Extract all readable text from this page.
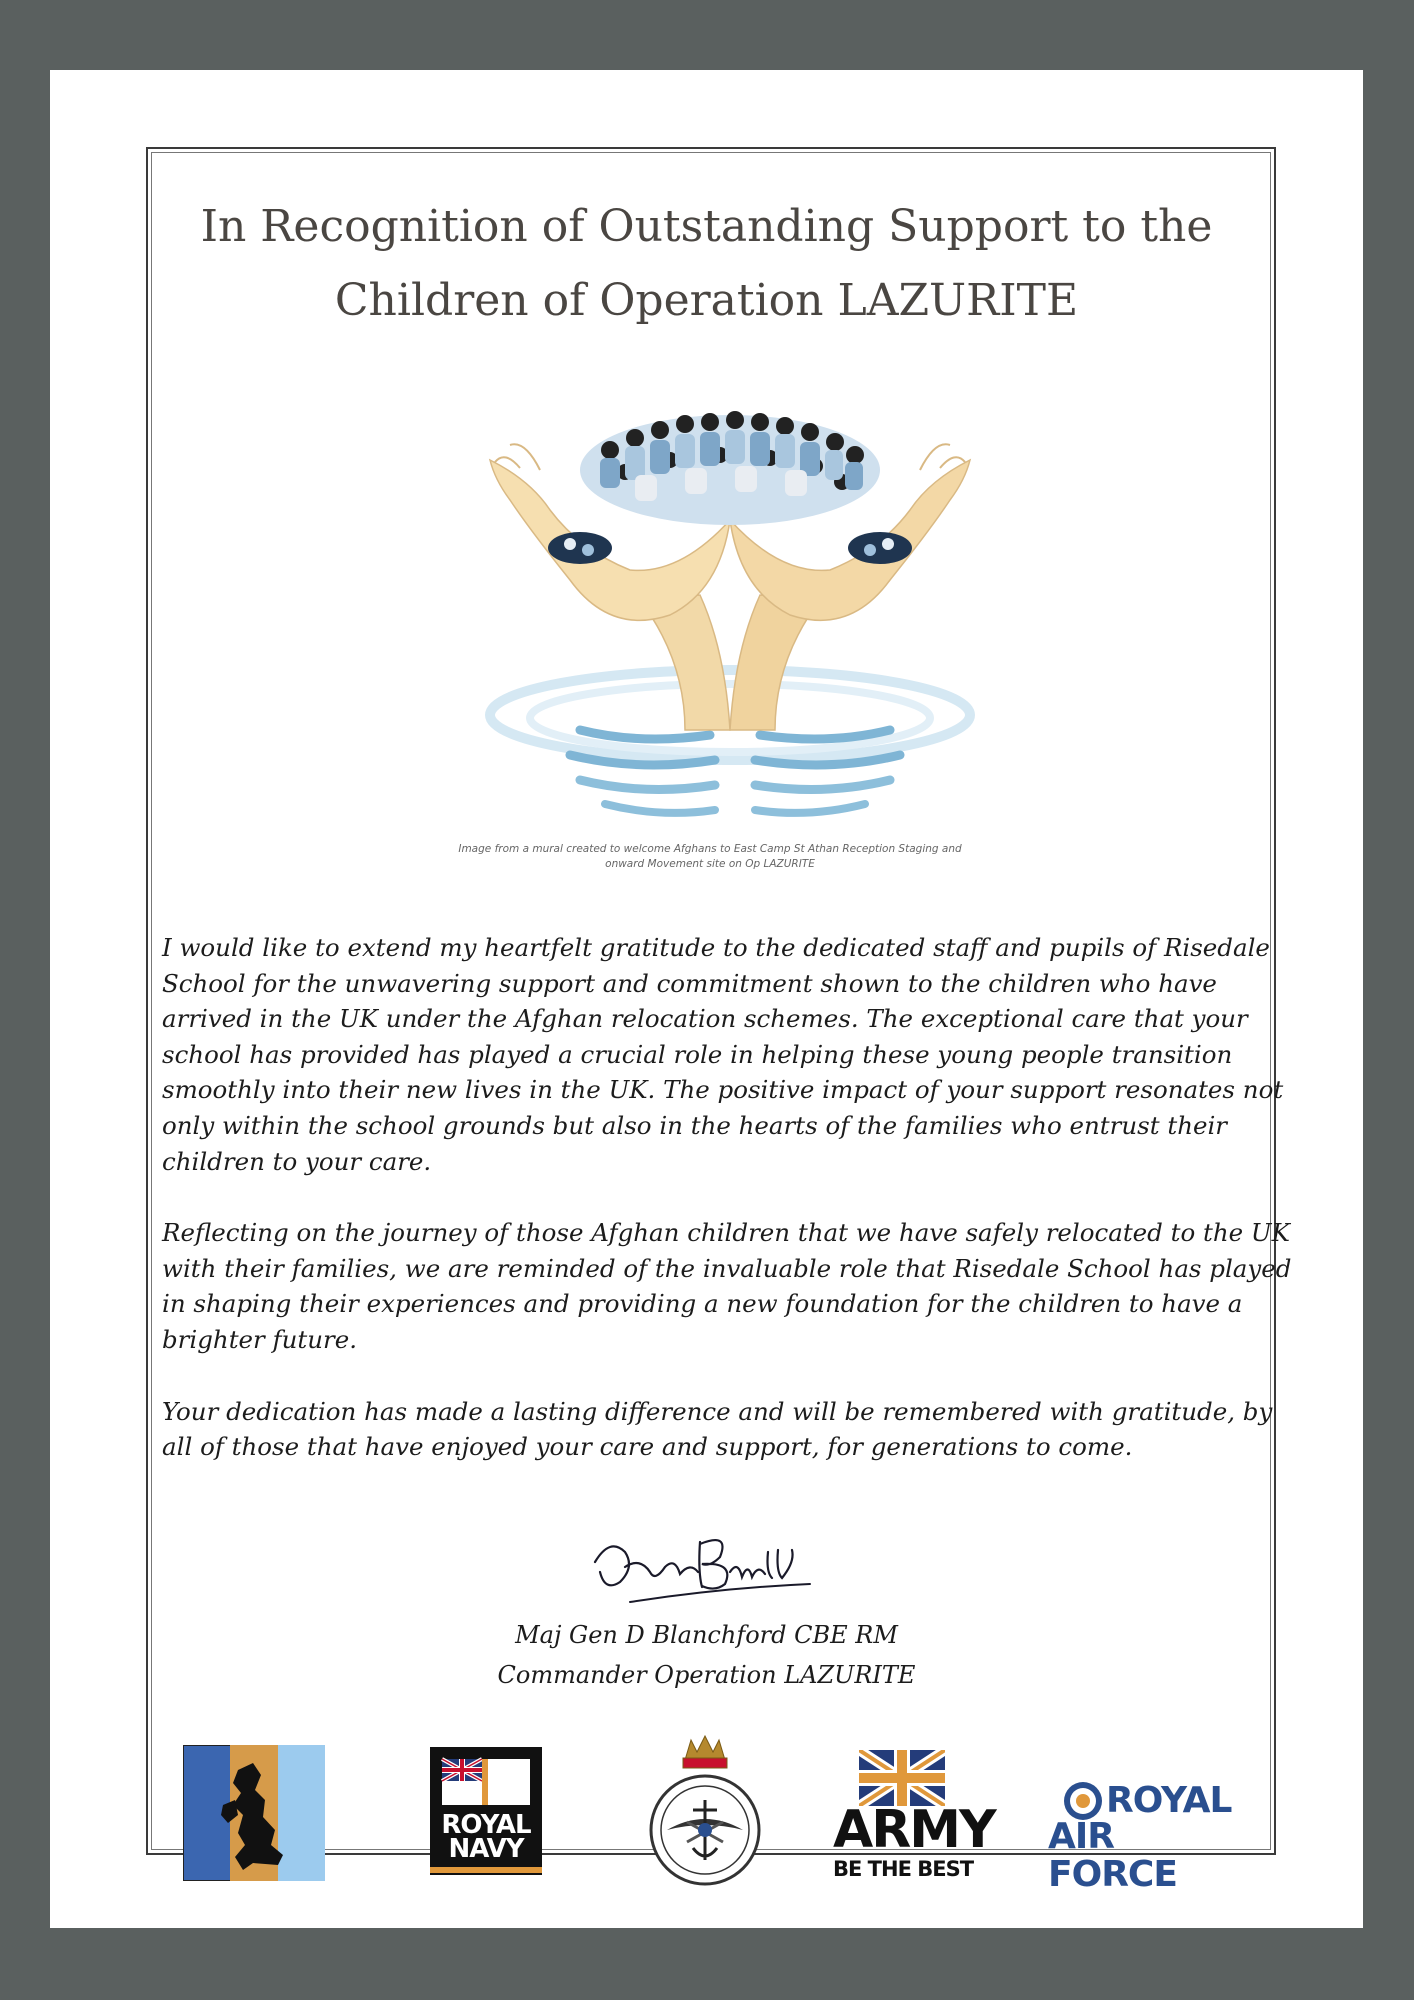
In Recognition of Outstanding Support to the
Children of Operation LAZURITE
Image from a mural created to welcome Afghans to East Camp St Athan Reception Staging and
onward Movement site on Op LAZURITE

I would like to extend my heartfelt gratitude to the dedicated staff and pupils of Risedale School for the unwavering support and commitment shown to the children who have arrived in the UK under the Afghan relocation schemes. The exceptional care that your school has provided has played a crucial role in helping these young people transition smoothly into their new lives in the UK. The positive impact of your support resonates not only within the school grounds but also in the hearts of the families who entrust their children to your care.

Reflecting on the journey of those Afghan children that we have safely relocated to the UK with their families, we are reminded of the invaluable role that Risedale School has played in shaping their experiences and providing a new foundation for the children to have a brighter future.

Your dedication has made a lasting difference and will be remembered with gratitude, by all of those that have enjoyed your care and support, for generations to come.

Maj Gen D Blanchford CBE RM
Commander Operation LAZURITE
ROYAL
NAVY	ARMY
BE THE BEST
ROYAL
AIR FORCE
